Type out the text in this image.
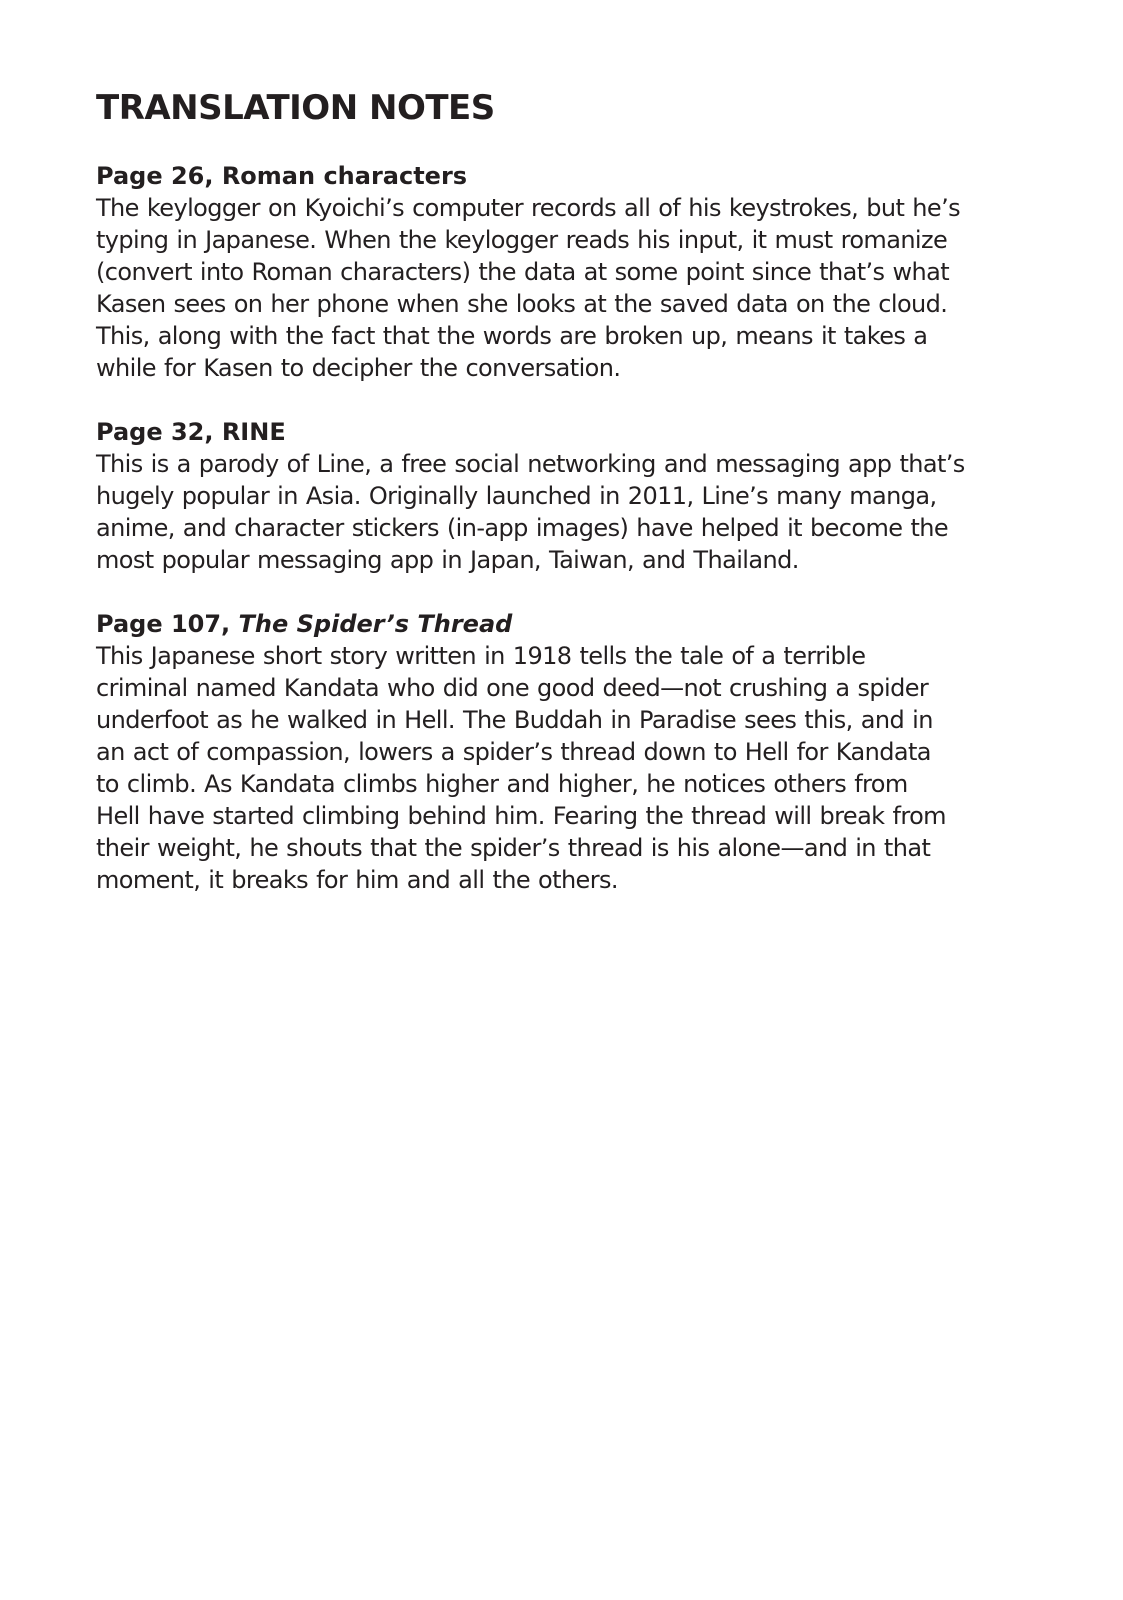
TRANSLATION NOTES
Page 26, Roman characters

The keylogger on Kyoichi’s computer records all of his keystrokes, but he’s
typing in Japanese. When the keylogger reads his input, it must romanize
(convert into Roman characters) the data at some point since that’s what
Kasen sees on her phone when she looks at the saved data on the cloud.
This, along with the fact that the words are broken up, means it takes a
while for Kasen to decipher the conversation.

Page 32, RINE

This is a parody of Line, a free social networking and messaging app that’s
hugely popular in Asia. Originally launched in 2011, Line’s many manga,
anime, and character stickers (in-app images) have helped it become the
most popular messaging app in Japan, Taiwan, and Thailand.

Page 107, The Spider’s Thread

This Japanese short story written in 1918 tells the tale of a terrible
criminal named Kandata who did one good deed—not crushing a spider
underfoot as he walked in Hell. The Buddah in Paradise sees this, and in
an act of compassion, lowers a spider’s thread down to Hell for Kandata
to climb. As Kandata climbs higher and higher, he notices others from
Hell have started climbing behind him. Fearing the thread will break from
their weight, he shouts that the spider’s thread is his alone—and in that
moment, it breaks for him and all the others.
